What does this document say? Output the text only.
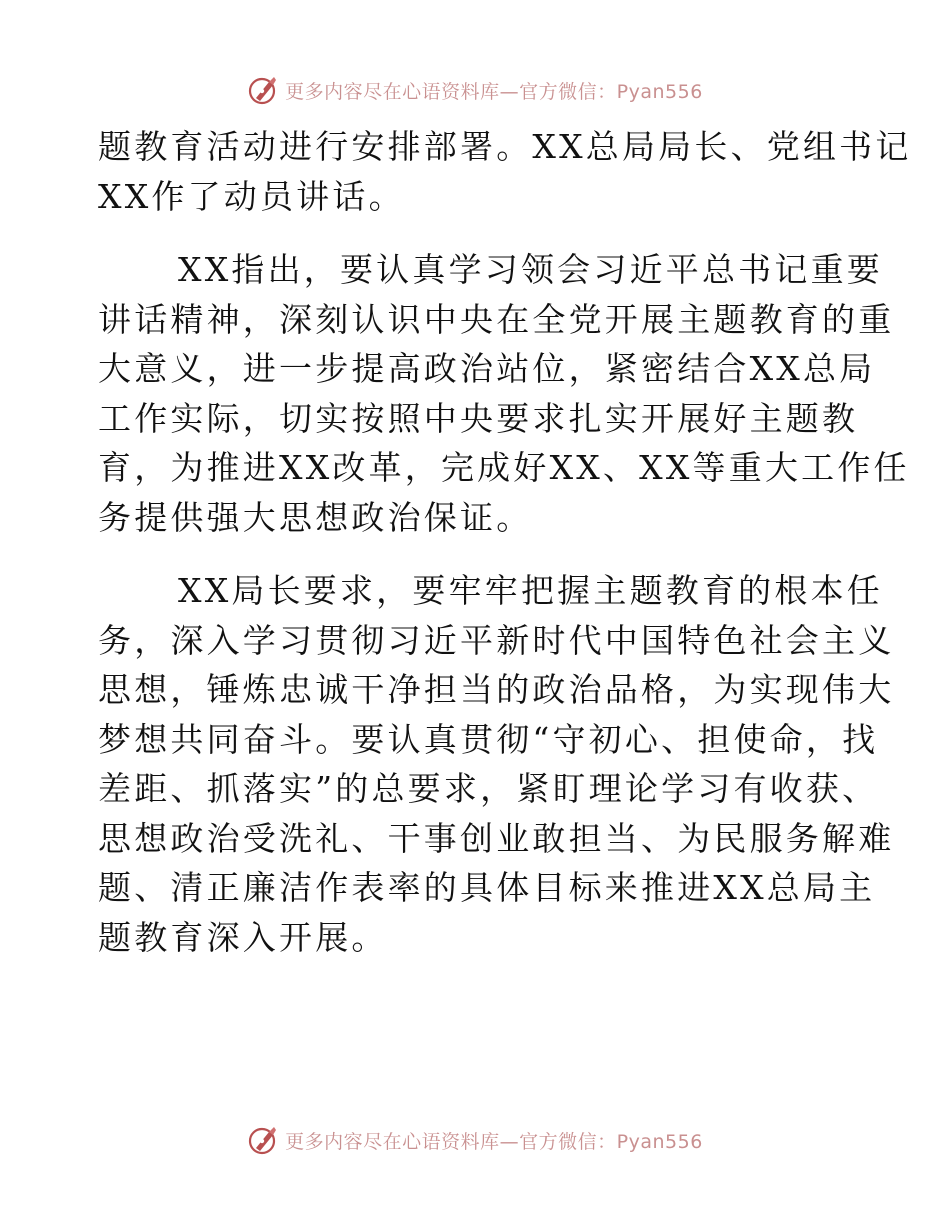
更多内容尽在心语资料库—官方微信：Pyan556

题教育活动进行安排部署。XX总局局长、党组书记
XX作了动员讲话。

XX指出，要认真学习领会习近平总书记重要
讲话精神，深刻认识中央在全党开展主题教育的重
大意义，进一步提高政治站位，紧密结合XX总局
工作实际，切实按照中央要求扎实开展好主题教
育，为推进XX改革，完成好XX、XX等重大工作任
务提供强大思想政治保证。

XX局长要求，要牢牢把握主题教育的根本任
务，深入学习贯彻习近平新时代中国特色社会主义
思想，锤炼忠诚干净担当的政治品格，为实现伟大
梦想共同奋斗。要认真贯彻“守初心、担使命，找
差距、抓落实”的总要求，紧盯理论学习有收获、
思想政治受洗礼、干事创业敢担当、为民服务解难
题、清正廉洁作表率的具体目标来推进XX总局主
题教育深入开展。

更多内容尽在心语资料库—官方微信：Pyan556
